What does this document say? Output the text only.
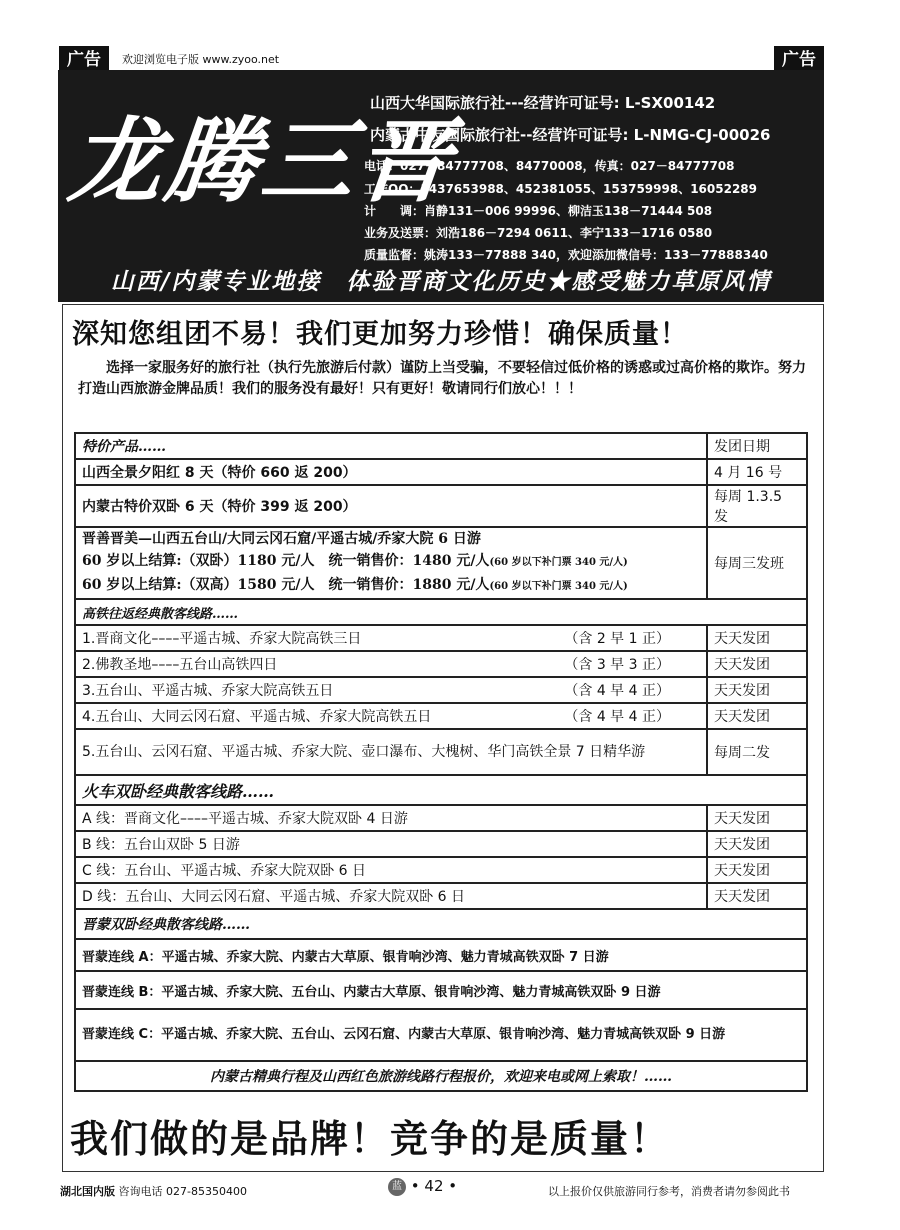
广告	欢迎浏览电子版 www.zyoo.net	广告
龙腾三晋
山西大华国际旅行社---经营许可证号: L-SX00142
内蒙古中友国际旅行社--经营许可证号: L-NMG-CJ-00026
电话：027－84777708、84770008，传真：027－84777708
工作QQ：1437653988、452381055、153759998、16052289
计　　调：肖静131－006 99996、柳洁玉138－71444 508
业务及送票：刘浩186－7294 0611、李宁133－1716 0580
质量监督：姚涛133－77888 340，欢迎添加微信号：133－77888340
山西/内蒙专业地接　体验晋商文化历史★感受魅力草原风情
深知您组团不易！我们更加努力珍惜！确保质量！
选择一家服务好的旅行社（执行先旅游后付款）谨防上当受骗，不要轻信过低价格的诱惑或过高价格的欺诈。努力打造山西旅游金牌品质！我们的服务没有最好！只有更好！敬请同行们放心！！！
特价产品……	发团日期
山西全景夕阳红 8 天（特价 660 返 200）	4 月 16 号
内蒙古特价双卧 6 天（特价 399 返 200）	每周 1.3.5 发

晋善晋美—山西五台山/大同云冈石窟/平遥古城/乔家大院 6 日游
60 岁以上结算:（双卧）1180 元/人　统一销售价：1480 元/人(60 岁以下补门票 340 元/人)
60 岁以上结算:（双高）1580 元/人　统一销售价：1880 元/人(60 岁以下补门票 340 元/人)	每周三发班
高铁往返经典散客线路……	
1.晋商文化––––平遥古城、乔家大院高铁三日 （含 2 早 1 正）	天天发团
2.佛教圣地––––五台山高铁四日 （含 3 早 3 正）	天天发团
3.五台山、平遥古城、乔家大院高铁五日 （含 4 早 4 正）	天天发团
4.五台山、大同云冈石窟、平遥古城、乔家大院高铁五日 （含 4 早 4 正）	天天发团
5.五台山、云冈石窟、平遥古城、乔家大院、壶口瀑布、大槐树、华门高铁全景 7 日精华游	每周二发
火车双卧经典散客线路……	
A 线：晋商文化––––平遥古城、乔家大院双卧 4 日游	天天发团
B 线：五台山双卧 5 日游	天天发团
C 线：五台山、平遥古城、乔家大院双卧 6 日	天天发团
D 线：五台山、大同云冈石窟、平遥古城、乔家大院双卧 6 日	天天发团
晋蒙双卧经典散客线路……	
晋蒙连线 A：平遥古城、乔家大院、内蒙古大草原、银肯响沙湾、魅力青城高铁双卧 7 日游	
晋蒙连线 B：平遥古城、乔家大院、五台山、内蒙古大草原、银肯响沙湾、魅力青城高铁双卧 9 日游	
晋蒙连线 C：平遥古城、乔家大院、五台山、云冈石窟、内蒙古大草原、银肯响沙湾、魅力青城高铁双卧 9 日游	
内蒙古精典行程及山西红色旅游线路行程报价，欢迎来电或网上索取！……	
我们做的是品牌！竞争的是质量！
湖北国内版 咨询电话 027-85350400	蓝 • 42 •	以上报价仅供旅游同行参考，消费者请勿参阅此书
